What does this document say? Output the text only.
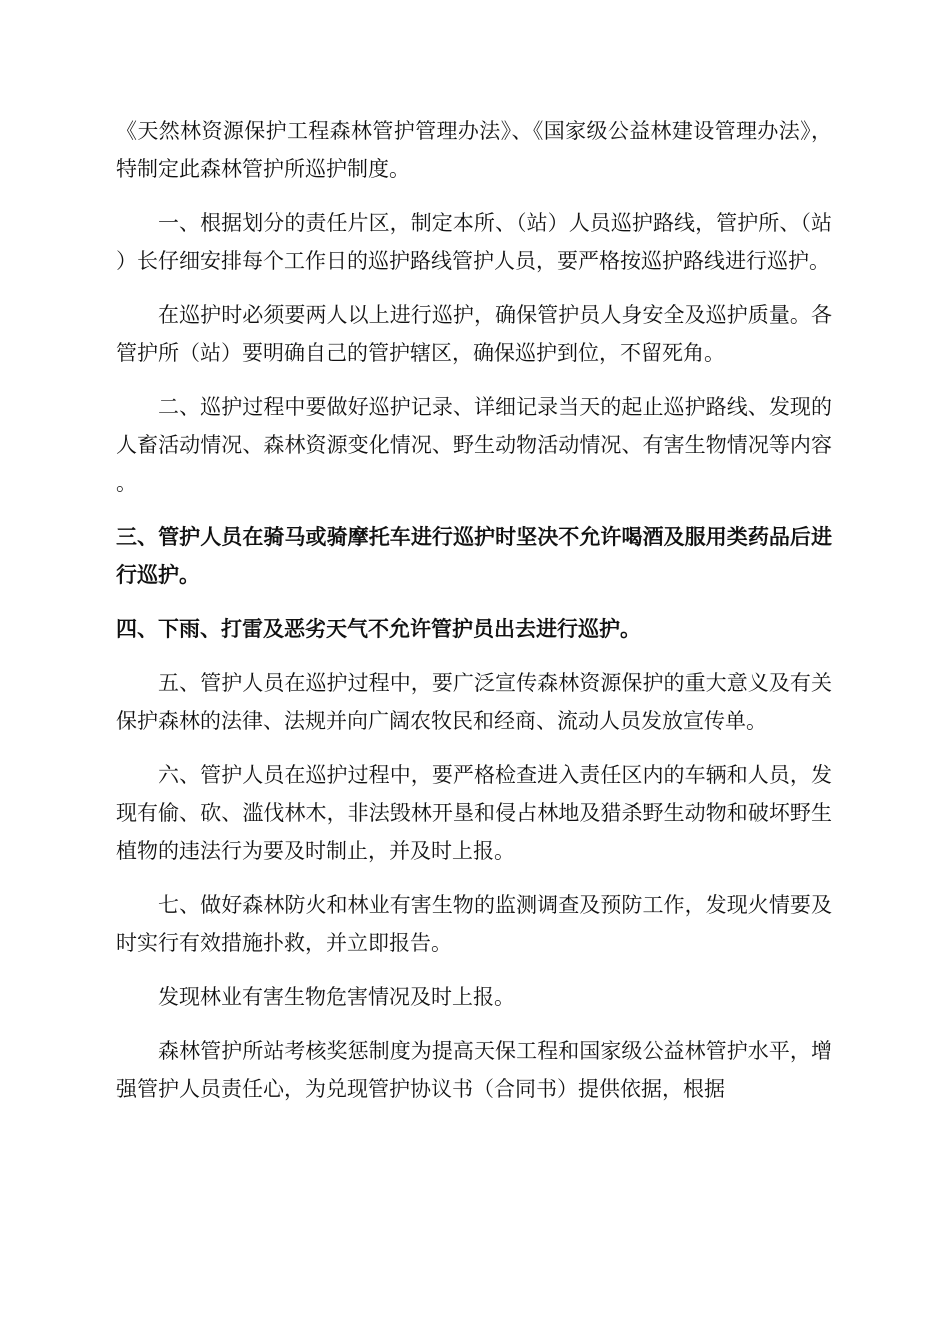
《天然林资源保护工程森林管护管理办法》、《国家级公益林建设管理办法》，特制定此森林管护所巡护制度。

一、根据划分的责任片区，制定本所、（站）人员巡护路线，管护所、（站）长仔细安排每个工作日的巡护路线管护人员，要严格按巡护路线进行巡护。

在巡护时必须要两人以上进行巡护，确保管护员人身安全及巡护质量。各管护所（站）要明确自己的管护辖区，确保巡护到位，不留死角。

二、巡护过程中要做好巡护记录、详细记录当天的起止巡护路线、发现的人畜活动情况、森林资源变化情况、野生动物活动情况、有害生物情况等内容。

三、管护人员在骑马或骑摩托车进行巡护时坚决不允许喝酒及服用类药品后进行巡护。

四、下雨、打雷及恶劣天气不允许管护员出去进行巡护。

五、管护人员在巡护过程中，要广泛宣传森林资源保护的重大意义及有关保护森林的法律、法规并向广阔农牧民和经商、流动人员发放宣传单。

六、管护人员在巡护过程中，要严格检查进入责任区内的车辆和人员，发现有偷、砍、滥伐林木，非法毁林开垦和侵占林地及猎杀野生动物和破坏野生植物的违法行为要及时制止，并及时上报。

七、做好森林防火和林业有害生物的监测调查及预防工作，发现火情要及时实行有效措施扑救，并立即报告。

发现林业有害生物危害情况及时上报。

森林管护所站考核奖惩制度为提高天保工程和国家级公益林管护水平，增强管护人员责任心，为兑现管护协议书（合同书）提供依据，根据
